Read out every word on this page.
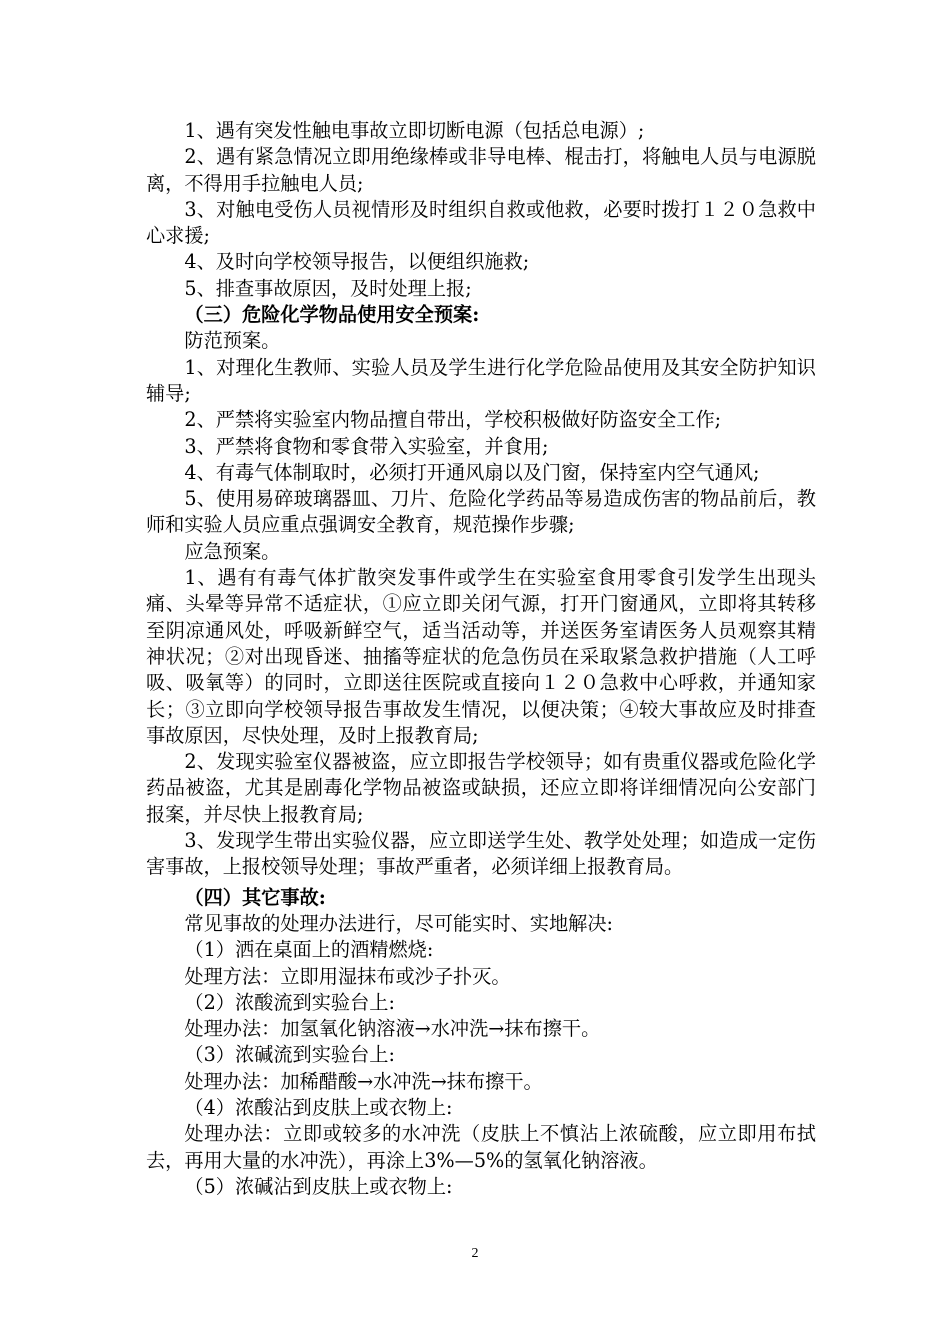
1、遇有突发性触电事故立即切断电源（包括总电源）;

2、遇有紧急情况立即用绝缘棒或非导电棒、棍击打，将触电人员与电源脱离，不得用手拉触电人员;

3、对触电受伤人员视情形及时组织自救或他救，必要时拨打１２０急救中心求援;

4、及时向学校领导报告，以便组织施救;

5、排查事故原因，及时处理上报;

（三）危险化学物品使用安全预案:

防范预案。

1、对理化生教师、实验人员及学生进行化学危险品使用及其安全防护知识辅导;

2、严禁将实验室内物品擅自带出，学校积极做好防盗安全工作;

3、严禁将食物和零食带入实验室，并食用;

4、有毒气体制取时，必须打开通风扇以及门窗，保持室内空气通风;

5、使用易碎玻璃器皿、刀片、危险化学药品等易造成伤害的物品前后，教师和实验人员应重点强调安全教育，规范操作步骤;

应急预案。

1、遇有有毒气体扩散突发事件或学生在实验室食用零食引发学生出现头痛、头晕等异常不适症状，①应立即关闭气源，打开门窗通风，立即将其转移至阴凉通风处，呼吸新鲜空气，适当活动等，并送医务室请医务人员观察其精神状况；②对出现昏迷、抽搐等症状的危急伤员在采取紧急救护措施（人工呼吸、吸氧等）的同时，立即送往医院或直接向１２０急救中心呼救，并通知家长；③立即向学校领导报告事故发生情况，以便决策；④较大事故应及时排查事故原因，尽快处理，及时上报教育局;

2、发现实验室仪器被盗，应立即报告学校领导；如有贵重仪器或危险化学药品被盗，尤其是剧毒化学物品被盗或缺损，还应立即将详细情况向公安部门报案，并尽快上报教育局;

3、发现学生带出实验仪器，应立即送学生处、教学处处理；如造成一定伤害事故，上报校领导处理；事故严重者，必须详细上报教育局。

（四）其它事故:

常见事故的处理办法进行，尽可能实时、实地解决:

（1）洒在桌面上的酒精燃烧:

处理方法：立即用湿抹布或沙子扑灭。

（2）浓酸流到实验台上:

处理办法：加氢氧化钠溶液→水冲洗→抹布擦干。

（3）浓碱流到实验台上:

处理办法：加稀醋酸→水冲洗→抹布擦干。

（4）浓酸沾到皮肤上或衣物上:

处理办法：立即或较多的水冲洗（皮肤上不慎沾上浓硫酸，应立即用布拭去，再用大量的水冲洗），再涂上3%—5%的氢氧化钠溶液。

（5）浓碱沾到皮肤上或衣物上:

2
